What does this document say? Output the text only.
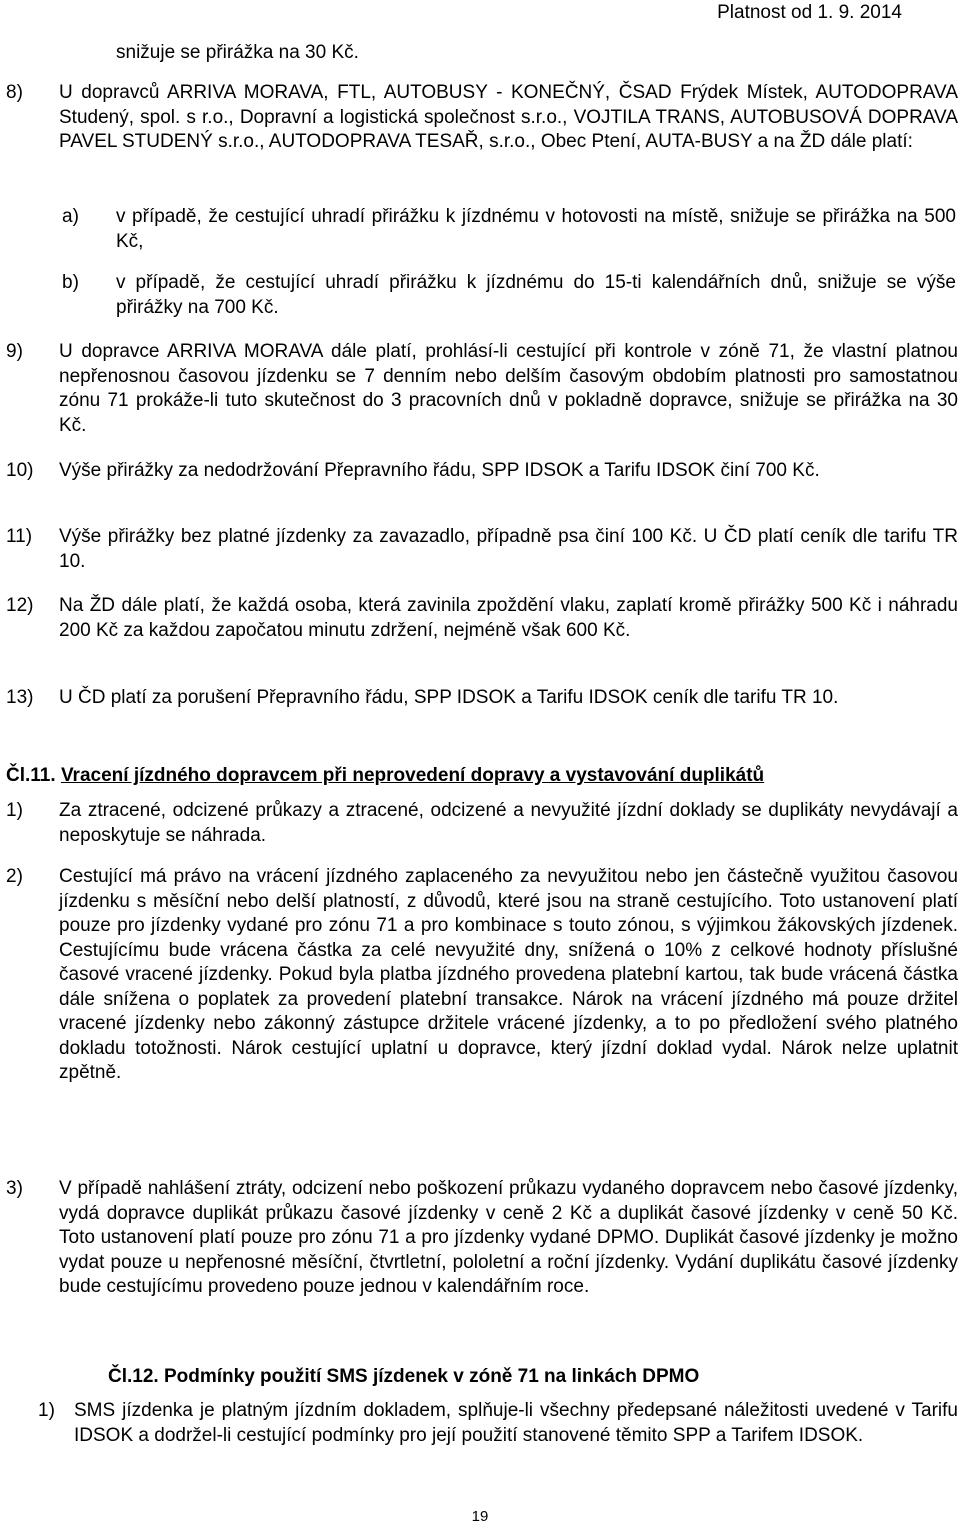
Platnost od 1. 9. 2014
snižuje se přirážka na 30 Kč.
8) U dopravců ARRIVA MORAVA, FTL, AUTOBUSY - KONEČNÝ, ČSAD Frýdek Místek, AUTODOPRAVA Studený, spol. s r.o., Dopravní a logistická společnost s.r.o., VOJTILA TRANS, AUTOBUSOVÁ DOPRAVA PAVEL STUDENÝ s.r.o., AUTODOPRAVA TESAŘ, s.r.o., Obec Ptení, AUTA-BUSY a na ŽD dále platí:
a) v případě, že cestující uhradí přirážku k jízdnému v hotovosti na místě, snižuje se přirážka na 500 Kč,
b) v případě, že cestující uhradí přirážku k jízdnému do 15-ti kalendářních dnů, snižuje se výše přirážky na 700 Kč.
9) U dopravce ARRIVA MORAVA dále platí, prohlásí-li cestující při kontrole v zóně 71, že vlastní platnou nepřenosnou časovou jízdenku se 7 denním nebo delším časovým obdobím platnosti pro samostatnou zónu 71 prokáže-li tuto skutečnost do 3 pracovních dnů v pokladně dopravce, snižuje se přirážka na 30 Kč.
10) Výše přirážky za nedodržování Přepravního řádu, SPP IDSOK a Tarifu IDSOK činí 700 Kč.
11) Výše přirážky bez platné jízdenky za zavazadlo, případně psa činí 100 Kč. U ČD platí ceník dle tarifu TR 10.
12) Na ŽD dále platí, že každá osoba, která zavinila zpoždění vlaku, zaplatí kromě přirážky 500 Kč i náhradu 200 Kč za každou započatou minutu zdržení, nejméně však 600 Kč.
13) U ČD platí za porušení Přepravního řádu, SPP IDSOK a Tarifu IDSOK ceník dle tarifu TR 10.
Čl.11. Vracení jízdného dopravcem při neprovedení dopravy a vystavování duplikátů
1) Za ztracené, odcizené průkazy a ztracené, odcizené a nevyužité jízdní doklady se duplikáty nevydávají a neposkytuje se náhrada.
2) Cestující má právo na vrácení jízdného zaplaceného za nevyužitou nebo jen částečně využitou časovou jízdenku s měsíční nebo delší platností, z důvodů, které jsou na straně cestujícího. Toto ustanovení platí pouze pro jízdenky vydané pro zónu 71 a pro kombinace s touto zónou, s výjimkou žákovských jízdenek. Cestujícímu bude vrácena částka za celé nevyužité dny, snížená o 10% z celkové hodnoty příslušné časové vracené jízdenky. Pokud byla platba jízdného provedena platební kartou, tak bude vrácená částka dále snížena o poplatek za provedení platební transakce. Nárok na vrácení jízdného má pouze držitel vracené jízdenky nebo zákonný zástupce držitele vrácené jízdenky, a to po předložení svého platného dokladu totožnosti. Nárok cestující uplatní u dopravce, který jízdní doklad vydal. Nárok nelze uplatnit zpětně.
3) V případě nahlášení ztráty, odcizení nebo poškození průkazu vydaného dopravcem nebo časové jízdenky, vydá dopravce duplikát průkazu časové jízdenky v ceně 2 Kč a duplikát časové jízdenky v ceně 50 Kč. Toto ustanovení platí pouze pro zónu 71 a pro jízdenky vydané DPMO. Duplikát časové jízdenky je možno vydat pouze u nepřenosné měsíční, čtvrtletní, pololetní a roční jízdenky. Vydání duplikátu časové jízdenky bude cestujícímu provedeno pouze jednou v kalendářním roce.
Čl.12. Podmínky použití SMS jízdenek v zóně 71 na linkách DPMO
1) SMS jízdenka je platným jízdním dokladem, splňuje-li všechny předepsané náležitosti uvedené v Tarifu IDSOK a dodržel-li cestující podmínky pro její použití stanovené těmito SPP a Tarifem IDSOK.
19
